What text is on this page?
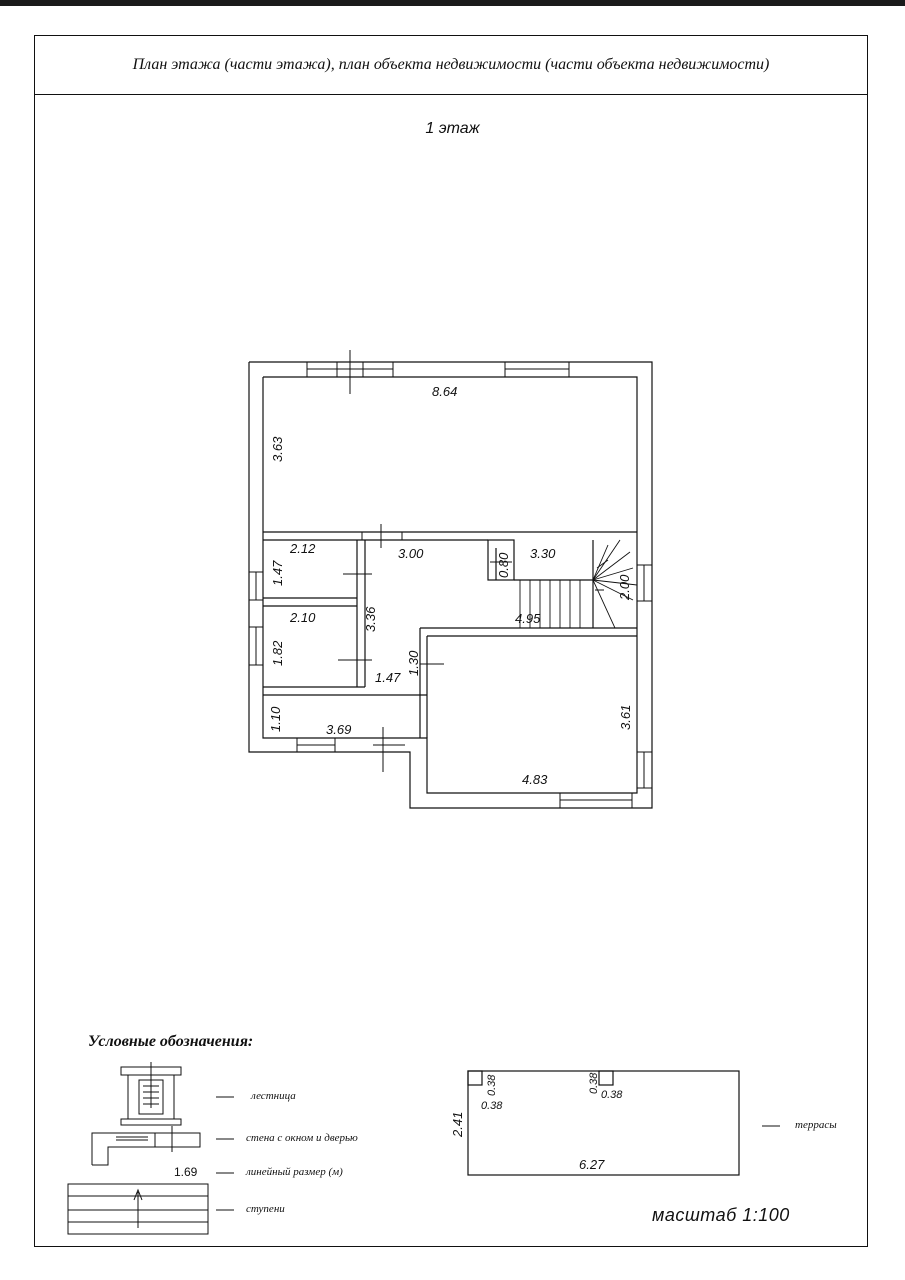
План этажа (части этажа), план объекта недвижимости (части объекта недвижимости)
1 этаж
8.64
3.63
2.12
1.47
2.10
1.82
3.00
3.36
1.30
1.47
0.80 3.30
2.00
4.95
3.61
4.83
1.10	3.69
2.41
6.27
0.38
0.38
0.38
0.38
Условные обозначения:
лестница
стена с окном и дверью
1.69	линейный размер (м)
ступени
террасы
масштаб 1:100
